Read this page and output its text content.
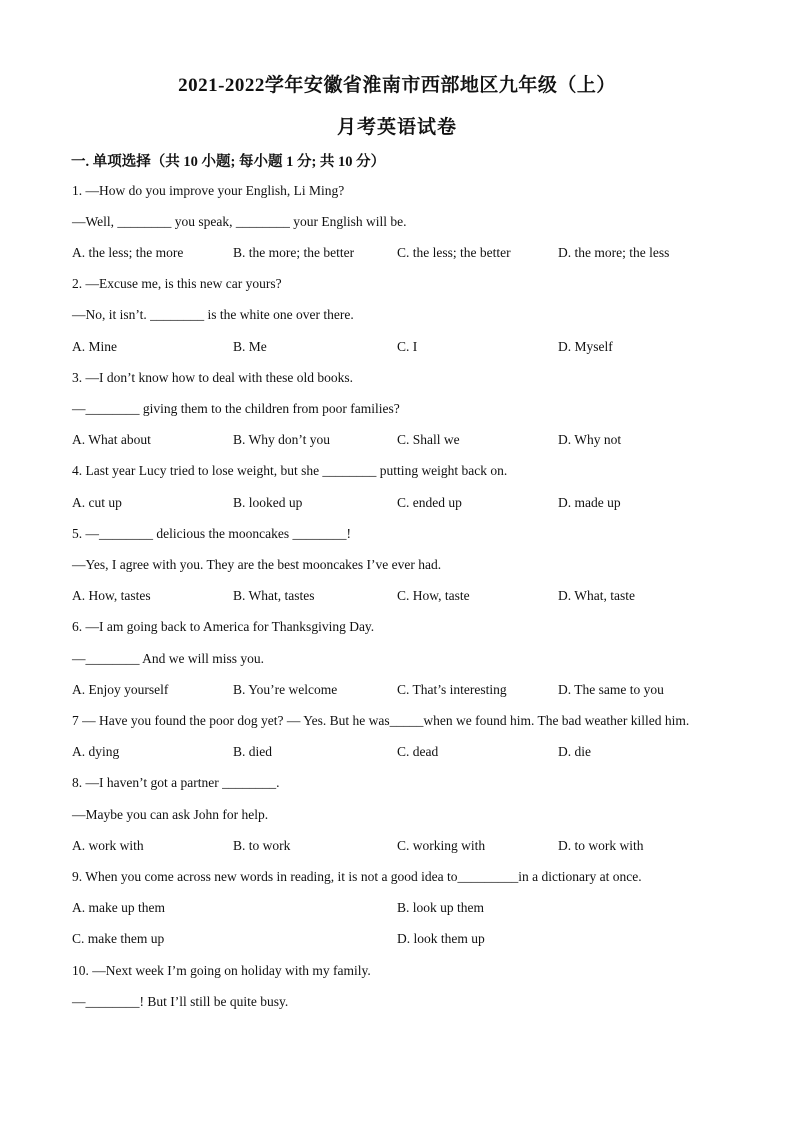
2021-2022学年安徽省淮南市西部地区九年级（上）
月考英语试卷
一. 单项选择（共 10 小题; 每小题 1 分; 共 10 分）
1. —How do you improve your English, Li Ming?
—Well, ________ you speak, ________ your English will be.
A. the less; the more	B. the more; the better	C. the less; the better	D. the more; the less
2. —Excuse me, is this new car yours?
—No, it isn’t. ________ is the white one over there.
A. Mine	B. Me	C. I	D. Myself
3. —I don’t know how to deal with these old books.
—________ giving them to the children from poor families?
A. What about	B. Why don’t you	C. Shall we	D. Why not
4. Last year Lucy tried to lose weight, but she ________ putting weight back on.
A. cut up	B. looked up	C. ended up	D. made up
5. —________ delicious the mooncakes ________!
—Yes, I agree with you. They are the best mooncakes I’ve ever had.
A. How, tastes	B. What, tastes	C. How, taste	D. What, taste
6. —I am going back to America for Thanksgiving Day.
—________ And we will miss you.
A. Enjoy yourself	B. You’re welcome	C. That’s interesting	D. The same to you
7 — Have you found the poor dog yet? — Yes. But he was_____when we found him. The bad weather killed him.
A. dying	B. died	C. dead	D. die
8. —I haven’t got a partner ________.
—Maybe you can ask John for help.
A. work with	B. to work	C. working with	D. to work with
9. When you come across new words in reading, it is not a good idea to_________in a dictionary at once.
A. make up them	B. look up them
C. make them up	D. look them up
10. —Next week I’m going on holiday with my family.
—________! But I’ll still be quite busy.
